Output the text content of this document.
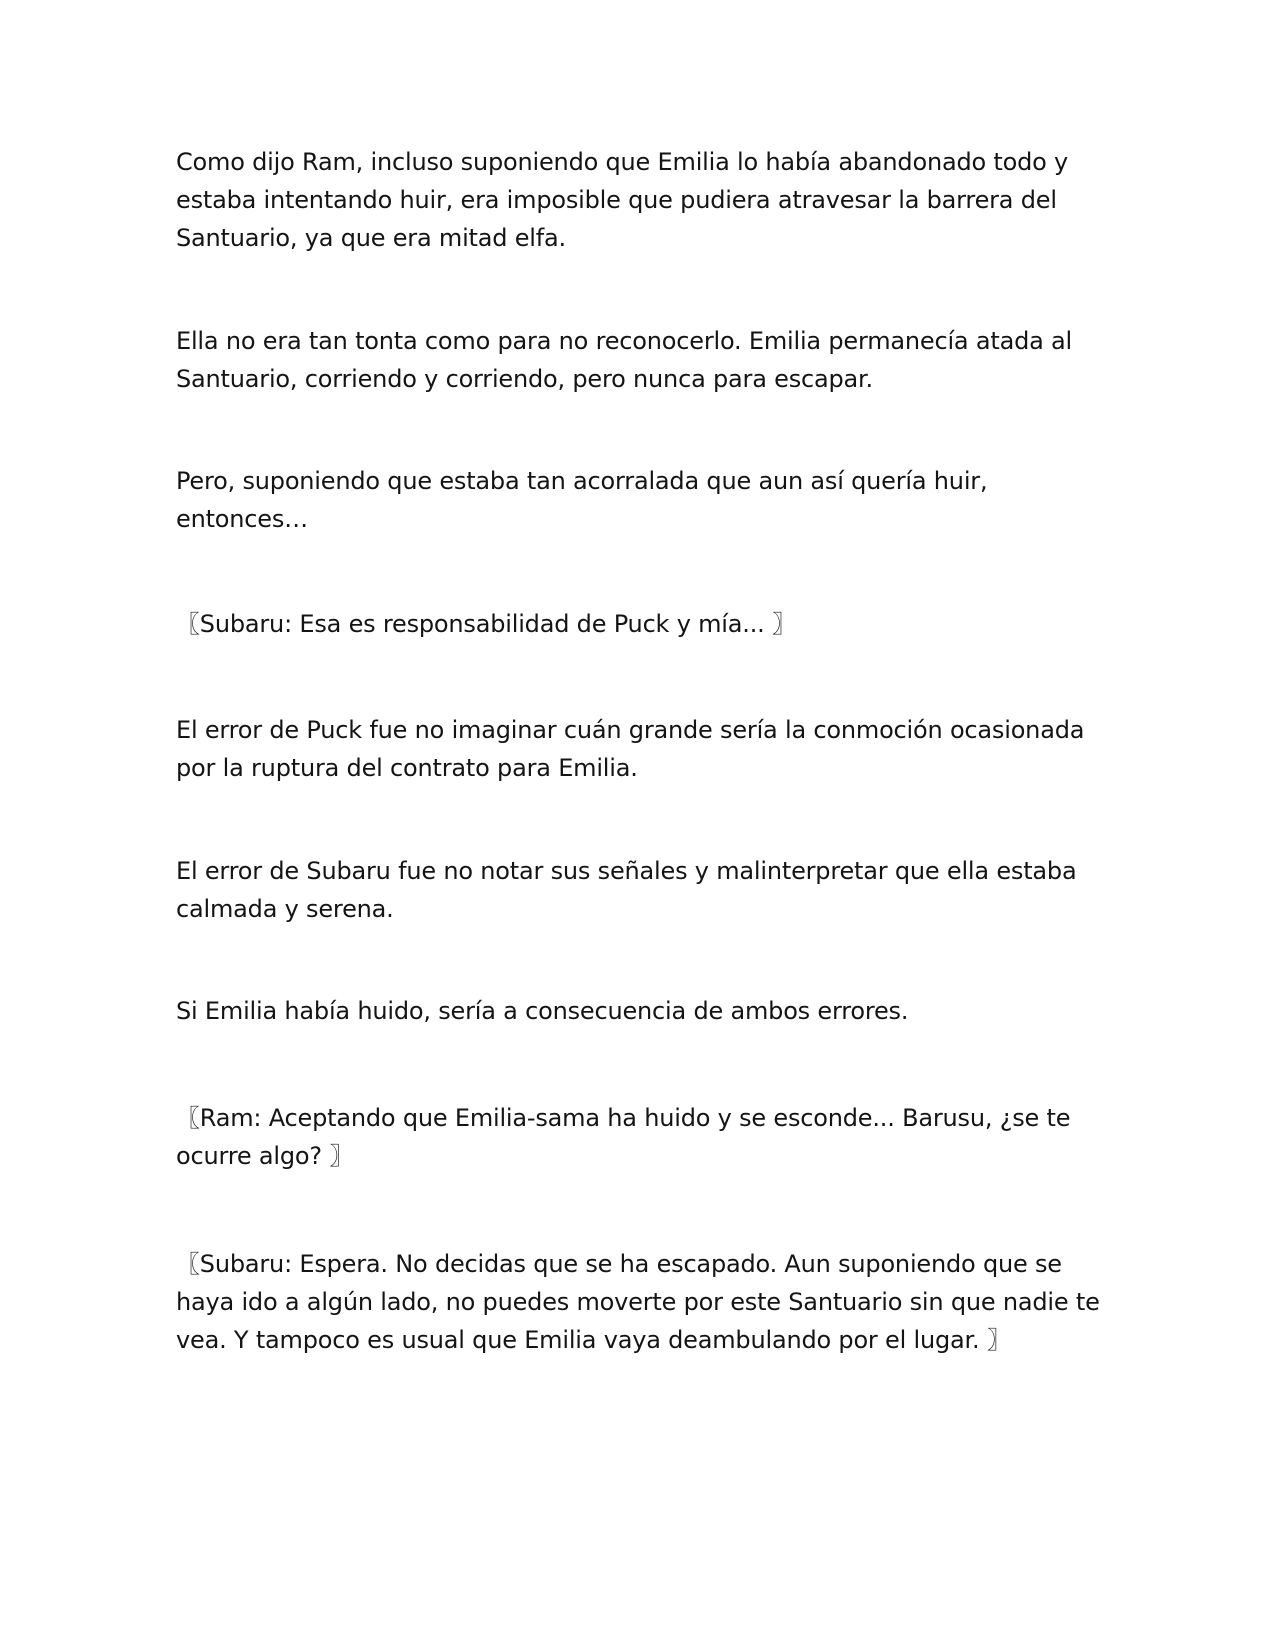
Como dijo Ram, incluso suponiendo que Emilia lo había abandonado todo y
estaba intentando huir, era imposible que pudiera atravesar la barrera del
Santuario, ya que era mitad elfa.

Ella no era tan tonta como para no reconocerlo. Emilia permanecía atada al
Santuario, corriendo y corriendo, pero nunca para escapar.

Pero, suponiendo que estaba tan acorralada que aun así quería huir,
entonces…

〖Subaru: Esa es responsabilidad de Puck y mía... 〗

El error de Puck fue no imaginar cuán grande sería la conmoción ocasionada
por la ruptura del contrato para Emilia.

El error de Subaru fue no notar sus señales y malinterpretar que ella estaba
calmada y serena.

Si Emilia había huido, sería a consecuencia de ambos errores.

〖Ram: Aceptando que Emilia-sama ha huido y se esconde... Barusu, ¿se te
ocurre algo? 〗

〖Subaru: Espera. No decidas que se ha escapado. Aun suponiendo que se
haya ido a algún lado, no puedes moverte por este Santuario sin que nadie te
vea. Y tampoco es usual que Emilia vaya deambulando por el lugar. 〗
